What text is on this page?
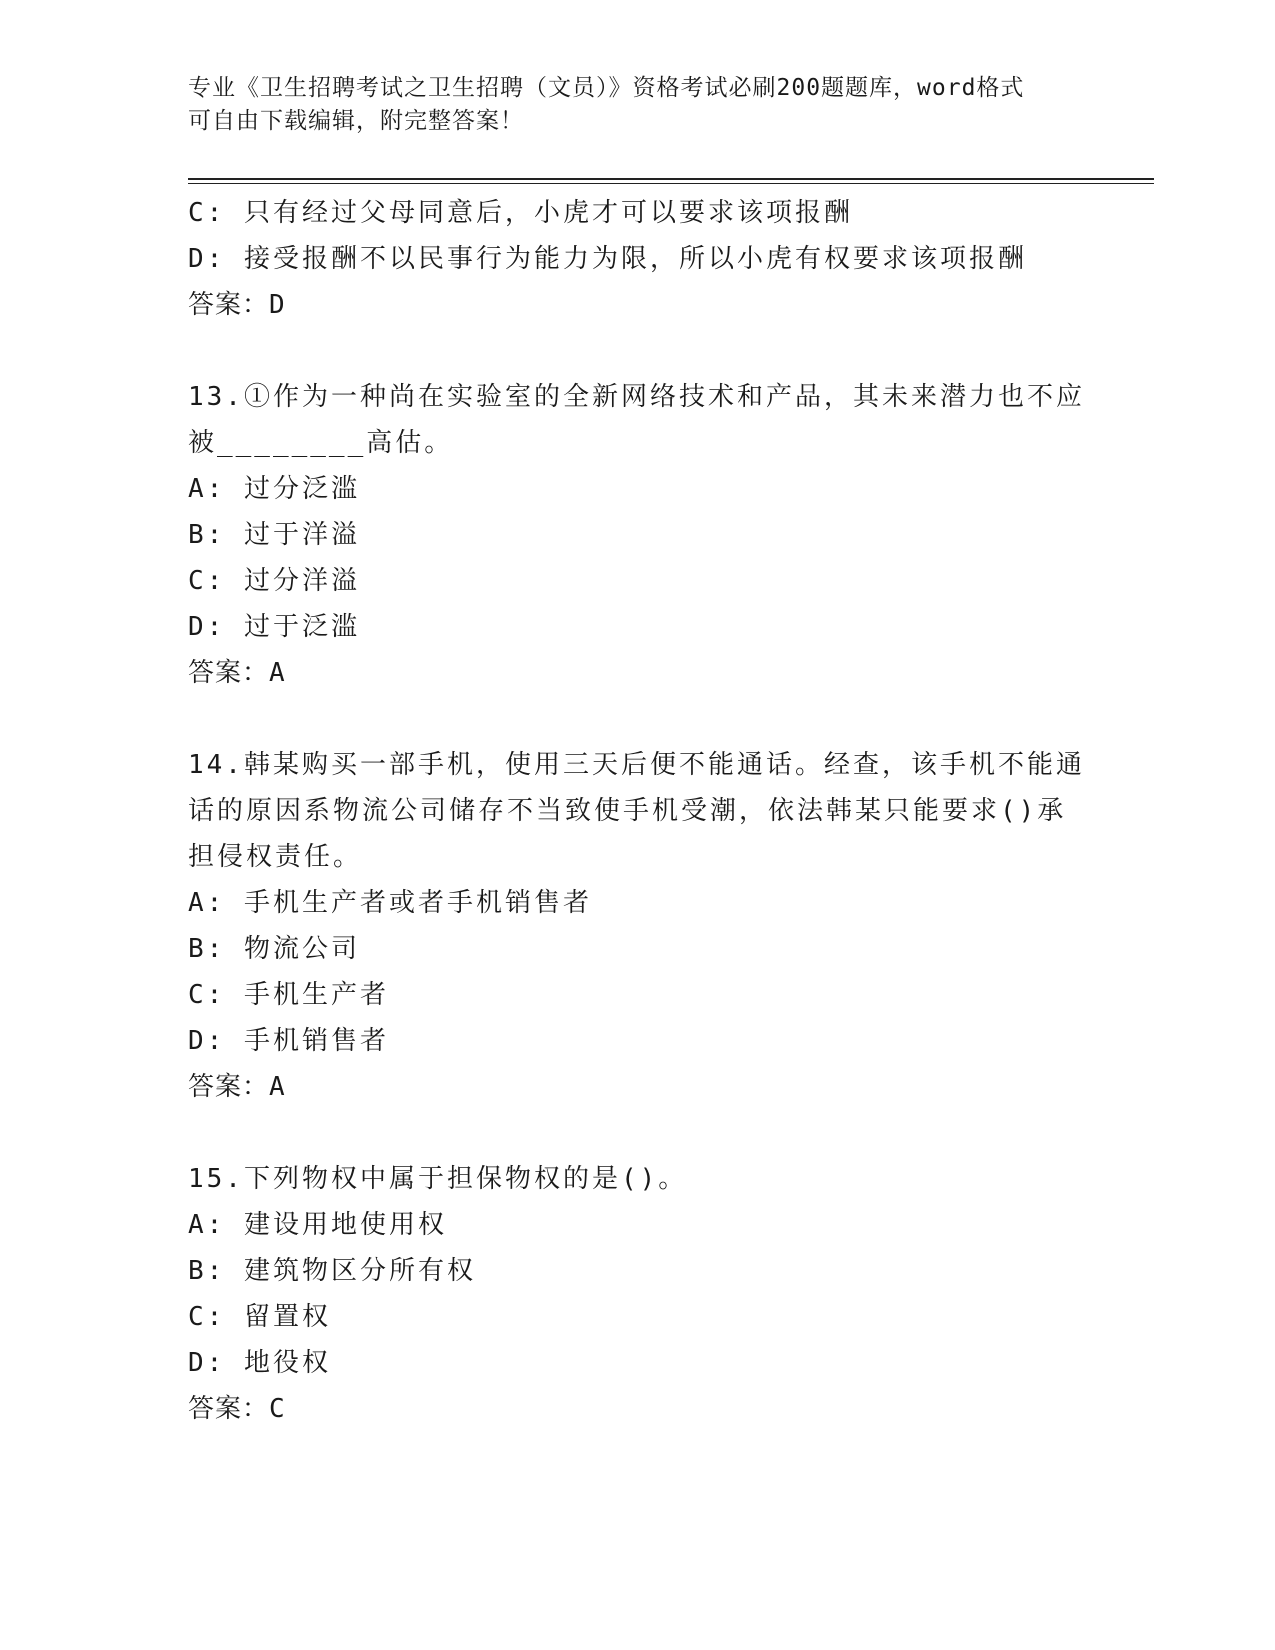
专业《卫生招聘考试之卫生招聘（文员）》资格考试必刷200题题库，word格式
可自由下载编辑，附完整答案！
C: 只有经过父母同意后，小虎才可以要求该项报酬
D: 接受报酬不以民事行为能力为限，所以小虎有权要求该项报酬
答案：D
13.①作为一种尚在实验室的全新网络技术和产品，其未来潜力也不应
被________高估。
A: 过分泛滥
B: 过于洋溢
C: 过分洋溢
D: 过于泛滥
答案：A
14.韩某购买一部手机，使用三天后便不能通话。经查，该手机不能通
话的原因系物流公司储存不当致使手机受潮，依法韩某只能要求()承
担侵权责任。
A: 手机生产者或者手机销售者
B: 物流公司
C: 手机生产者
D: 手机销售者
答案：A
15.下列物权中属于担保物权的是()。
A: 建设用地使用权
B: 建筑物区分所有权
C: 留置权
D: 地役权
答案：C
